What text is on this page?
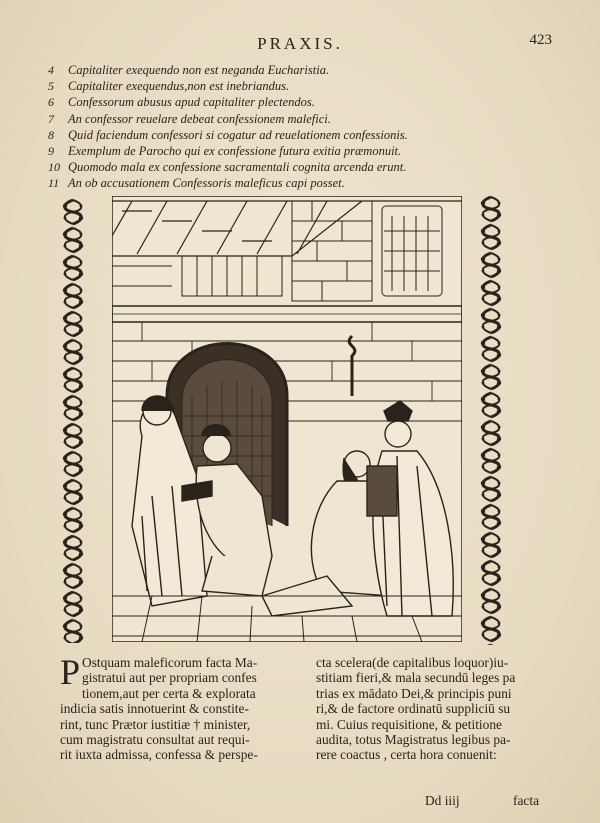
PRAXIS.	423
4	Capitaliter exequendo non est neganda Eucharistia.
5	Capitaliter exequendus,non est inebriandus.
6	Confessorum abusus apud capitaliter plectendos.
7	An confessor reuelare debeat confessionem malefici.
8	Quid faciendum confessori si cogatur ad reuelationem confessionis.
9	Exemplum de Parocho qui ex confessione futura exitia præmonuit.
10 Quomodo mala ex confessione sacramentali cognita arcenda erunt.
11 An ob accusationem Confessoris maleficus capi posset.
P Ostquam maleficorum facta Ma-
gistratui aut per propriam confes
tionem,aut per certa & explorata
indicia satis innotuerint & constite-
rint, tunc Prætor iustitiæ † minister,
cum magistratu consultat aut requi-
rit iuxta admissa, confessa & perspe-
cta scelera(de capitalibus loquor)iu-
stitiam fieri,& mala secundū leges pa
trias ex mādato Dei,& principis puni
ri,& de factore ordinatū suppliciū su
mi. Cuius requisitione, & petitione
audita, totus Magistratus legibus pa-
rere coactus , certa hora conuenit:
Dd iiij	facta
